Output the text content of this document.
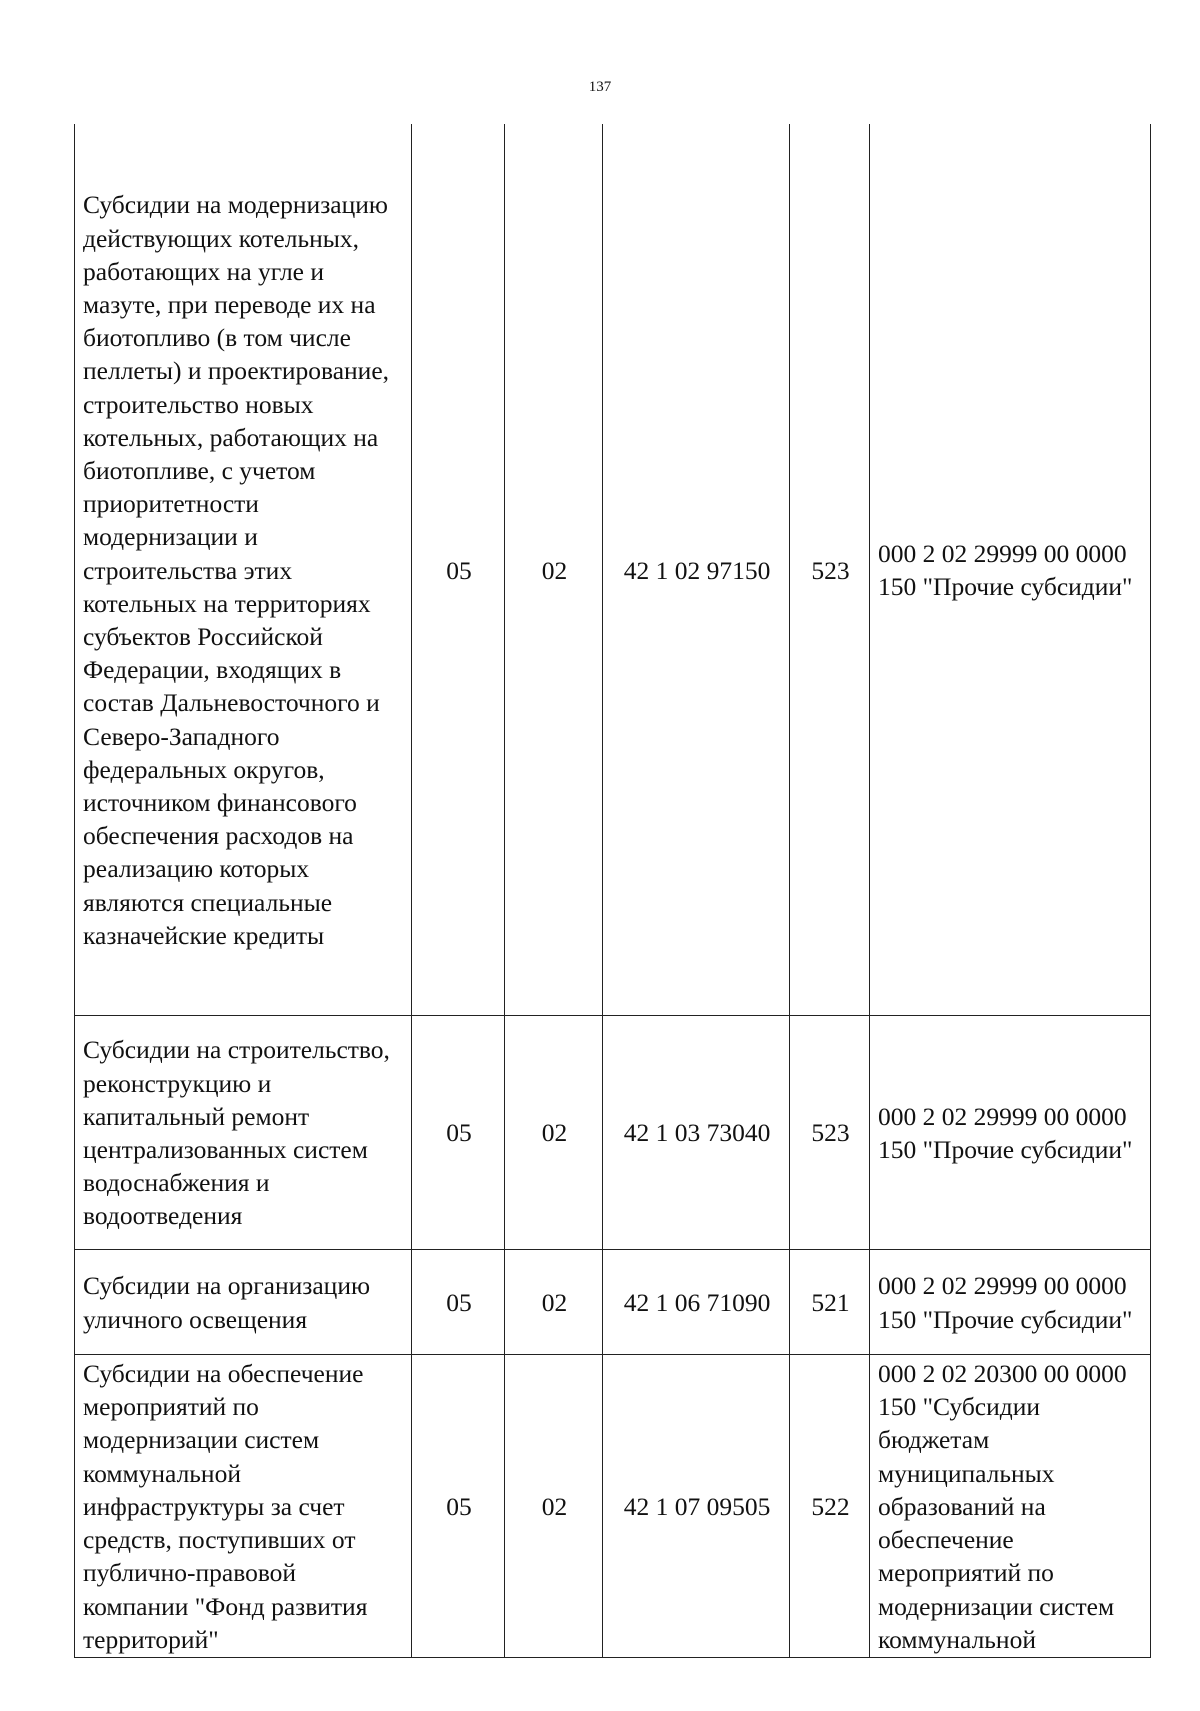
137
Субсидии на модернизацию действующих котельных, работающих на угле и мазуте, при переводе их на биотопливо (в том числе пеллеты) и проектирование, строительство новых котельных, работающих на биотопливе, с учетом приоритетности модернизации и строительства этих котельных на территориях субъектов Российской Федерации, входящих в состав Дальневосточного и Северо-Западного федеральных округов, источником финансового обеспечения расходов на реализацию которых являются специальные казначейские кредиты	05	02	42 1 02 97150	523	000 2 02 29999 00 0000 150 "Прочие субсидии"
Субсидии на строительство, реконструкцию и капитальный ремонт централизованных систем водоснабжения и водоотведения	05	02	42 1 03 73040	523	000 2 02 29999 00 0000 150 "Прочие субсидии"
Субсидии на организацию уличного освещения	05	02	42 1 06 71090	521	000 2 02 29999 00 0000 150 "Прочие субсидии"
Субсидии на обеспечение мероприятий по модернизации систем коммунальной инфраструктуры за счет средств, поступивших от публично-правовой компании "Фонд развития территорий"	05	02	42 1 07 09505	522	000 2 02 20300 00 0000 150 "Субсидии бюджетам муниципальных образований на обеспечение мероприятий по модернизации систем коммунальной
